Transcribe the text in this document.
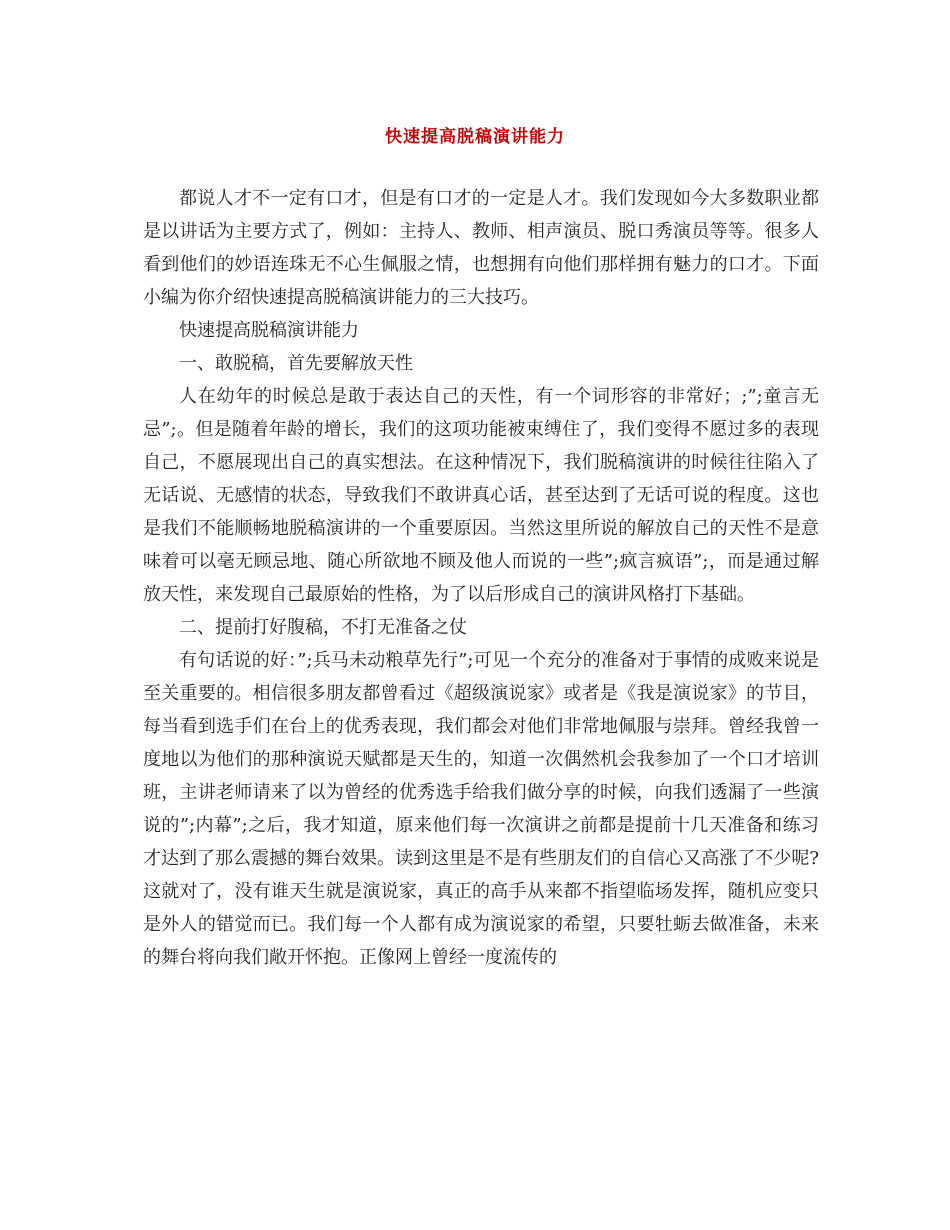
快速提高脱稿演讲能力

都说人才不一定有口才，但是有口才的一定是人才。我们发现如今大多数职业都是以讲话为主要方式了，例如：主持人、教师、相声演员、脱口秀演员等等。很多人看到他们的妙语连珠无不心生佩服之情，也想拥有向他们那样拥有魅力的口才。下面小编为你介绍快速提高脱稿演讲能力的三大技巧。

快速提高脱稿演讲能力

一、敢脱稿，首先要解放天性

人在幼年的时候总是敢于表达自己的天性，有一个词形容的非常好；;”;童言无忌”;。但是随着年龄的增长，我们的这项功能被束缚住了，我们变得不愿过多的表现自己，不愿展现出自己的真实想法。在这种情况下，我们脱稿演讲的时候往往陷入了无话说、无感情的状态，导致我们不敢讲真心话，甚至达到了无话可说的程度。这也是我们不能顺畅地脱稿演讲的一个重要原因。当然这里所说的解放自己的天性不是意味着可以毫无顾忌地、随心所欲地不顾及他人而说的一些”;疯言疯语”;，而是通过解放天性，来发现自己最原始的性格，为了以后形成自己的演讲风格打下基础。

二、提前打好腹稿，不打无准备之仗

有句话说的好：”;兵马未动粮草先行”;可见一个充分的准备对于事情的成败来说是至关重要的。相信很多朋友都曾看过《超级演说家》或者是《我是演说家》的节目，每当看到选手们在台上的优秀表现，我们都会对他们非常地佩服与崇拜。曾经我曾一度地以为他们的那种演说天赋都是天生的，知道一次偶然机会我参加了一个口才培训班，主讲老师请来了以为曾经的优秀选手给我们做分享的时候，向我们透漏了一些演说的”;内幕”;之后，我才知道，原来他们每一次演讲之前都是提前十几天准备和练习才达到了那么震撼的舞台效果。读到这里是不是有些朋友们的自信心又高涨了不少呢?这就对了，没有谁天生就是演说家，真正的高手从来都不指望临场发挥，随机应变只是外人的错觉而已。我们每一个人都有成为演说家的希望，只要牡蛎去做准备，未来的舞台将向我们敞开怀抱。正像网上曾经一度流传的
